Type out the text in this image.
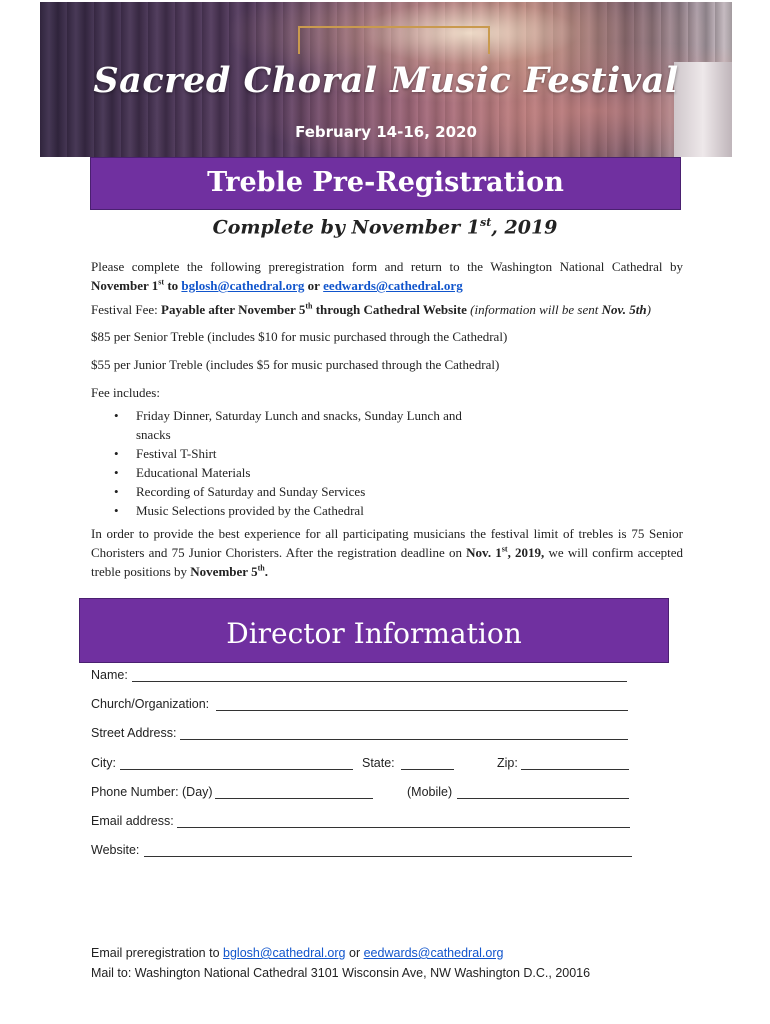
Sacred Choral Music Festival
February 14-16, 2020
Treble Pre-Registration
Complete by November 1st, 2019

Please complete the following preregistration form and return to the Washington National Cathedral by November 1st to bglosh@cathedral.org or eedwards@cathedral.org

Festival Fee: Payable after November 5th through Cathedral Website (information will be sent Nov. 5th)

$85 per Senior Treble (includes $10 for music purchased through the Cathedral)

$55 per Junior Treble (includes $5 for music purchased through the Cathedral)

Fee includes:

• Friday Dinner, Saturday Lunch and snacks, Sunday Lunch and snacks
• Festival T-Shirt
• Educational Materials
• Recording of Saturday and Sunday Services
• Music Selections provided by the Cathedral

In order to provide the best experience for all participating musicians the festival limit of trebles is 75 Senior Choristers and 75 Junior Choristers. After the registration deadline on Nov. 1st, 2019, we will confirm accepted treble positions by November 5th.

Director Information
Name:
Church/Organization:
Street Address:
City:	State:	Zip:
Phone Number: (Day)	(Mobile)
Email address:
Website:
Email preregistration to bglosh@cathedral.org or eedwards@cathedral.org
Mail to: Washington National Cathedral 3101 Wisconsin Ave, NW Washington D.C., 20016
